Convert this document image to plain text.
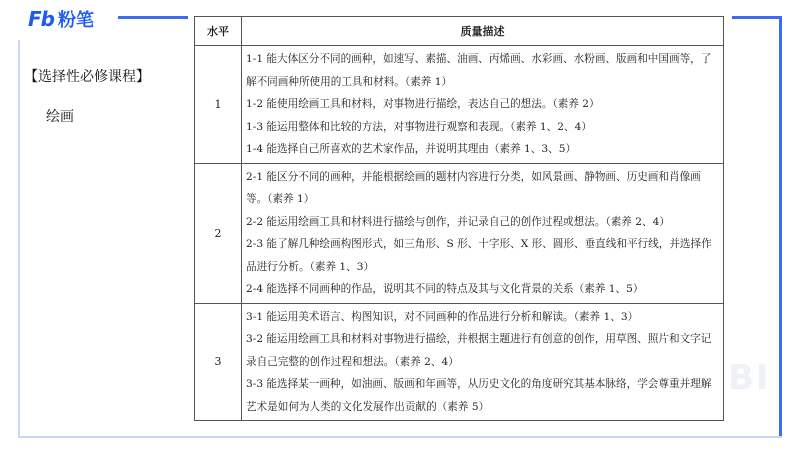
Fb 粉笔
【选择性必修课程】
绘画
BI
水平	质量描述
1	1-1 能大体区分不同的画种，如速写、素描、油画、丙烯画、水彩画、水粉画、版画和中国画等，了解不同画种所使用的工具和材料。（素养 1）
1-2 能使用绘画工具和材料，对事物进行描绘，表达自己的想法。（素养 2）
1-3 能运用整体和比较的方法，对事物进行观察和表现。（素养 1、2、4）
1-4 能选择自己所喜欢的艺术家作品，并说明其理由（素养 1、3、5）

2	2-1 能区分不同的画种，并能根据绘画的题材内容进行分类，如风景画、静物画、历史画和肖像画等。（素养 1）
2-2 能运用绘画工具和材料进行描绘与创作，并记录自己的创作过程或想法。（素养 2、4）
2-3 能了解几种绘画构图形式，如三角形、S 形、十字形、X 形、圆形、垂直线和平行线，并选择作品进行分析。（素养 1、3）
2-4 能选择不同画种的作品，说明其不同的特点及其与文化背景的关系（素养 1、5）

3	3-1 能运用美术语言、构图知识，对不同画种的作品进行分析和解读。（素养 1、3）
3-2 能运用绘画工具和材料对事物进行描绘，并根据主题进行有创意的创作，用草图、照片和文字记录自己完整的创作过程和想法。（素养 2、4）
3-3 能选择某一画种，如油画、版画和年画等，从历史文化的角度研究其基本脉络，学会尊重并理解艺术是如何为人类的文化发展作出贡献的（素养 5）
